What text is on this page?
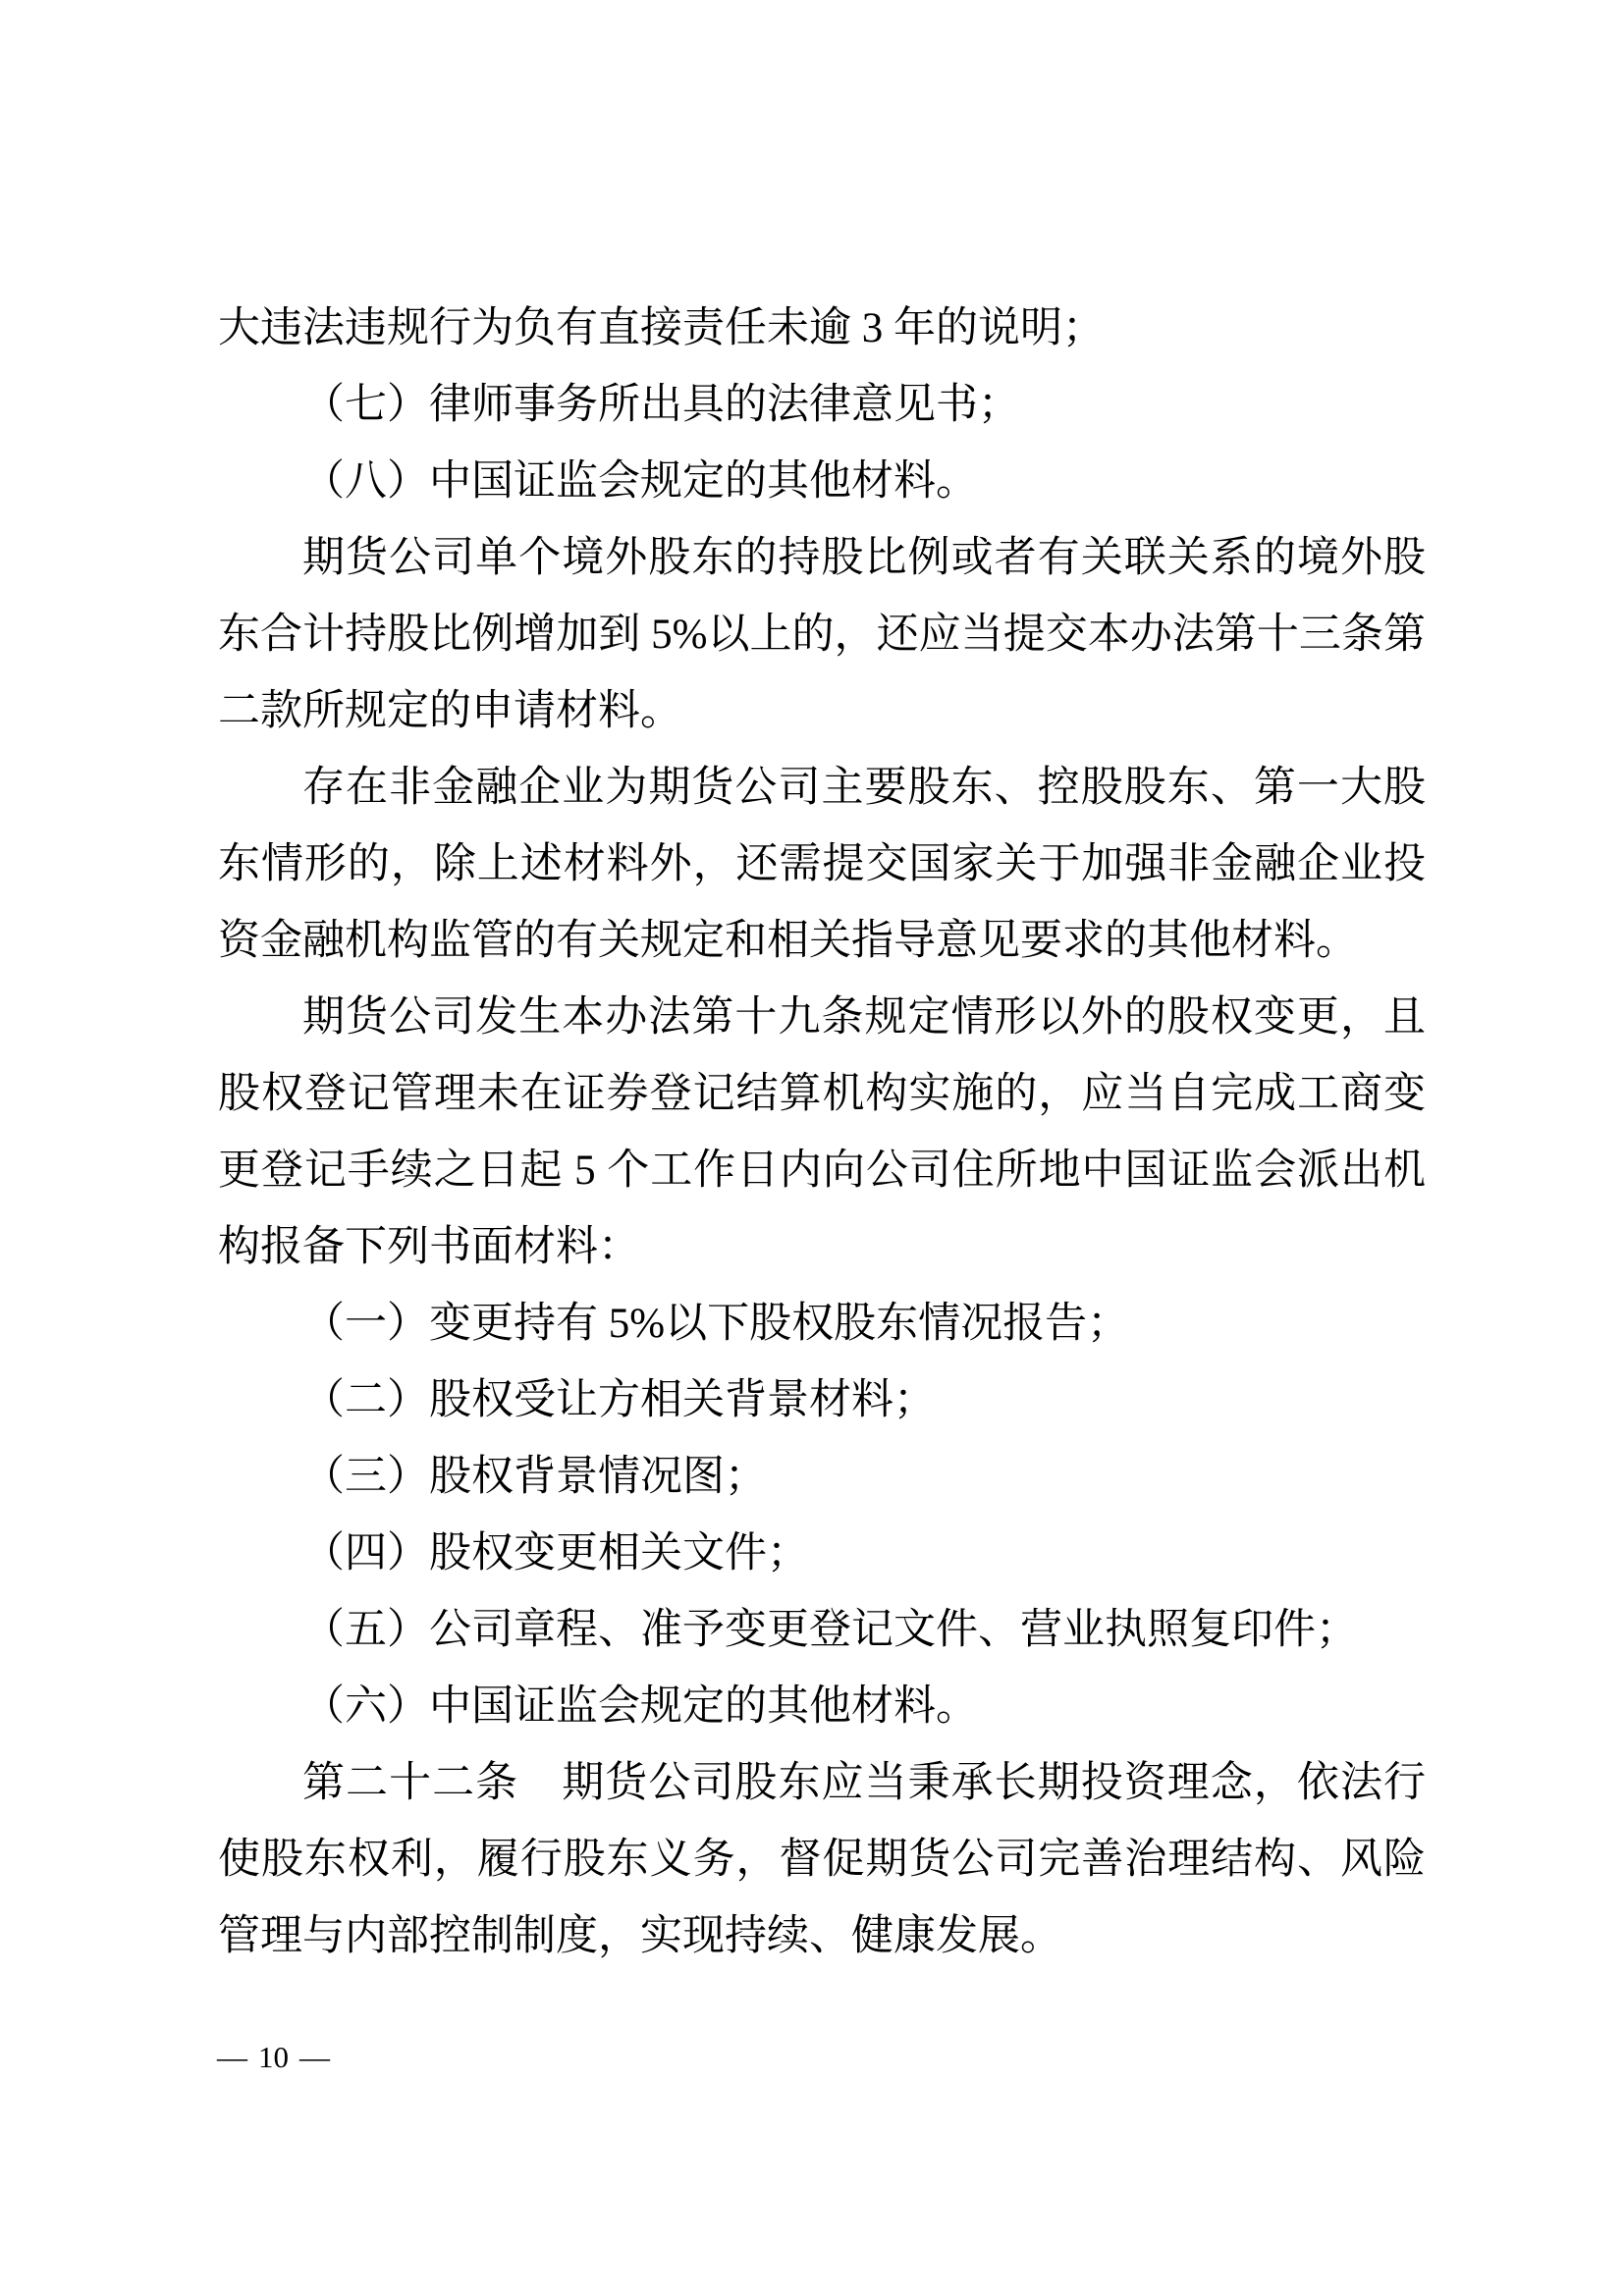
大违法违规行为负有直接责任未逾 3 年的说明；

（七）律师事务所出具的法律意见书；

（八）中国证监会规定的其他材料。

期货公司单个境外股东的持股比例或者有关联关系的境外股东合计持股比例增加到 5%以上的，还应当提交本办法第十三条第二款所规定的申请材料。

存在非金融企业为期货公司主要股东、控股股东、第一大股东情形的，除上述材料外，还需提交国家关于加强非金融企业投资金融机构监管的有关规定和相关指导意见要求的其他材料。

期货公司发生本办法第十九条规定情形以外的股权变更，且股权登记管理未在证券登记结算机构实施的，应当自完成工商变更登记手续之日起 5 个工作日内向公司住所地中国证监会派出机构报备下列书面材料：

（一）变更持有 5%以下股权股东情况报告；

（二）股权受让方相关背景材料；

（三）股权背景情况图；

（四）股权变更相关文件；

（五）公司章程、准予变更登记文件、营业执照复印件；

（六）中国证监会规定的其他材料。

第二十二条　期货公司股东应当秉承长期投资理念，依法行使股东权利，履行股东义务，督促期货公司完善治理结构、风险管理与内部控制制度，实现持续、健康发展。

— 10 —
